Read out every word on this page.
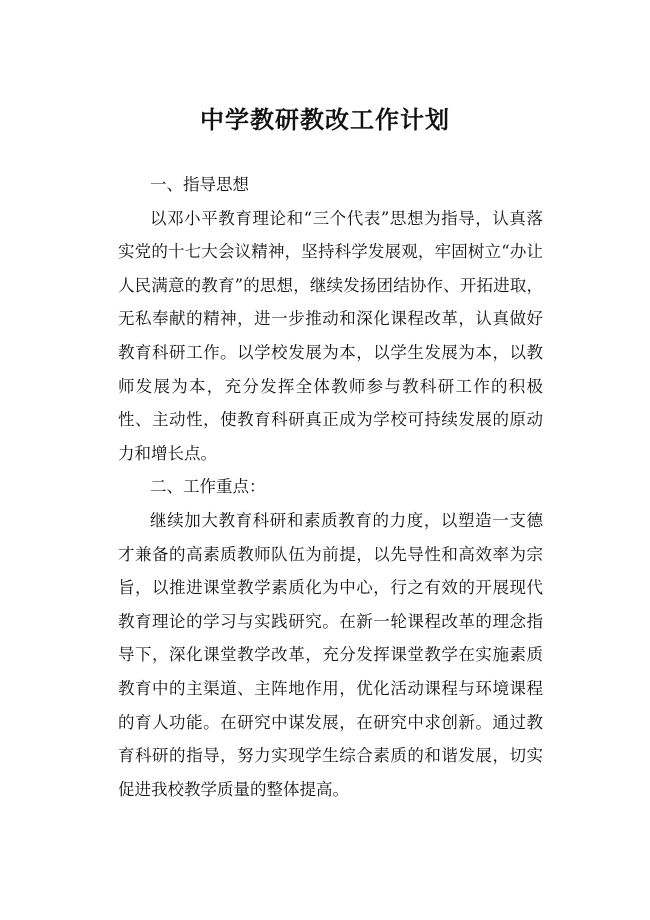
中学教研教改工作计划

一、指导思想

以邓小平教育理论和“三个代表”思想为指导，认真落实党的十七大会议精神，坚持科学发展观，牢固树立“办让人民满意的教育”的思想，继续发扬团结协作、开拓进取，无私奉献的精神，进一步推动和深化课程改革，认真做好教育科研工作。以学校发展为本，以学生发展为本，以教师发展为本，充分发挥全体教师参与教科研工作的积极性、主动性，使教育科研真正成为学校可持续发展的原动力和增长点。

二、工作重点：

继续加大教育科研和素质教育的力度，以塑造一支德才兼备的高素质教师队伍为前提，以先导性和高效率为宗旨，以推进课堂教学素质化为中心，行之有效的开展现代教育理论的学习与实践研究。在新一轮课程改革的理念指导下，深化课堂教学改革，充分发挥课堂教学在实施素质教育中的主渠道、主阵地作用，优化活动课程与环境课程的育人功能。在研究中谋发展，在研究中求创新。通过教育科研的指导，努力实现学生综合素质的和谐发展，切实促进我校教学质量的整体提高。
